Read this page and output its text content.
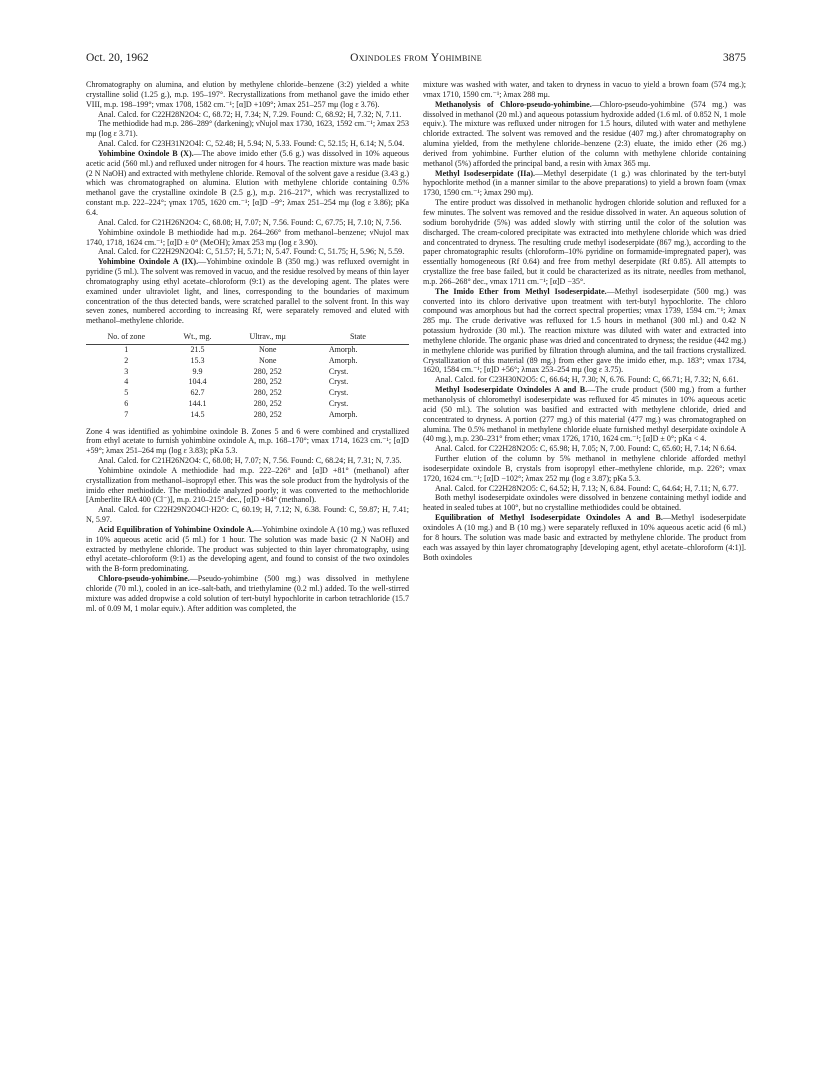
Oct. 20, 1962	Oxindoles from Yohimbine	3875

Chromatography on alumina, and elution by methylene chloride–benzene (3:2) yielded a white crystalline solid (1.25 g.), m.p. 195–197°. Recrystallizations from methanol gave the imido ether VIII, m.p. 198–199°; νmax 1708, 1582 cm.⁻¹; [α]D +109°; λmax 251–257 mμ (log ε 3.76).

Anal. Calcd. for C22H28N2O4: C, 68.72; H, 7.34; N, 7.29. Found: C, 68.92; H, 7.32; N, 7.11.

The methiodide had m.p. 286–289° (darkening); νNujol max 1730, 1623, 1592 cm.⁻¹; λmax 253 mμ (log ε 3.71).

Anal. Calcd. for C23H31N2O4I: C, 52.48; H, 5.94; N, 5.33. Found: C, 52.15; H, 6.14; N, 5.04.

Yohimbine Oxindole B (X).—The above imido ether (5.6 g.) was dissolved in 10% aqueous acetic acid (560 ml.) and refluxed under nitrogen for 4 hours. The reaction mixture was made basic (2 N NaOH) and extracted with methylene chloride. Removal of the solvent gave a residue (3.43 g.) which was chromatographed on alumina. Elution with methylene chloride containing 0.5% methanol gave the crystalline oxindole B (2.5 g.), m.p. 216–217°, which was recrystallized to constant m.p. 222–224°; γmax 1705, 1620 cm.⁻¹; [α]D −9°; λmax 251–254 mμ (log ε 3.86); pKa 6.4.

Anal. Calcd. for C21H26N2O4: C, 68.08; H, 7.07; N, 7.56. Found: C, 67.75; H, 7.10; N, 7.56.

Yohimbine oxindole B methiodide had m.p. 264–266° from methanol–benzene; νNujol max 1740, 1718, 1624 cm.⁻¹; [α]D ± 0° (MeOH); λmax 253 mμ (log ε 3.90).

Anal. Calcd. for C22H29N2O4I: C, 51.57; H, 5.71; N, 5.47. Found: C, 51.75; H, 5.96; N, 5.59.

Yohimbine Oxindole A (IX).—Yohimbine oxindole B (350 mg.) was refluxed overnight in pyridine (5 ml.). The solvent was removed in vacuo, and the residue resolved by means of thin layer chromatography using ethyl acetate–chloroform (9:1) as the developing agent. The plates were examined under ultraviolet light, and lines, corresponding to the boundaries of maximum concentration of the thus detected bands, were scratched parallel to the solvent front. In this way seven zones, numbered according to increasing Rf, were separately removed and eluted with methanol–methylene chloride.

No. of zone	Wt., mg.	Ultrav., mμ	State
1	21.5	None	Amorph.
2	15.3	None	Amorph.
3	9.9	280, 252	Cryst.
4	104.4	280, 252	Cryst.
5	62.7	280, 252	Cryst.
6	144.1	280, 252	Cryst.
7	14.5	280, 252	Amorph.

Zone 4 was identified as yohimbine oxindole B. Zones 5 and 6 were combined and crystallized from ethyl acetate to furnish yohimbine oxindole A, m.p. 168–170°; νmax 1714, 1623 cm.⁻¹; [α]D +59°; λmax 251–264 mμ (log ε 3.83); pKa 5.3.

Anal. Calcd. for C21H26N2O4: C, 68.08; H, 7.07; N, 7.56. Found: C, 68.24; H, 7.31; N, 7.35.

Yohimbine oxindole A methiodide had m.p. 222–226° and [α]D +81° (methanol) after crystallization from methanol–isopropyl ether. This was the sole product from the hydrolysis of the imido ether methiodide. The methiodide analyzed poorly; it was converted to the methochloride [Amberlite IRA 400 (Cl⁻)], m.p. 210–215° dec., [α]D +84° (methanol).

Anal. Calcd. for C22H29N2O4Cl·H2O: C, 60.19; H, 7.12; N, 6.38. Found: C, 59.87; H, 7.41; N, 5.97.

Acid Equilibration of Yohimbine Oxindole A.—Yohimbine oxindole A (10 mg.) was refluxed in 10% aqueous acetic acid (5 ml.) for 1 hour. The solution was made basic (2 N NaOH) and extracted by methylene chloride. The product was subjected to thin layer chromatography, using ethyl acetate–chloroform (9:1) as the developing agent, and found to consist of the two oxindoles with the B-form predominating.

Chloro-pseudo-yohimbine.—Pseudo-yohimbine (500 mg.) was dissolved in methylene chloride (70 ml.), cooled in an ice–salt-bath, and triethylamine (0.2 ml.) added. To the well-stirred mixture was added dropwise a cold solution of tert-butyl hypochlorite in carbon tetrachloride (15.7 ml. of 0.09 M, 1 molar equiv.). After addition was completed, the

mixture was washed with water, and taken to dryness in vacuo to yield a brown foam (574 mg.); νmax 1710, 1590 cm.⁻¹; λmax 288 mμ.

Methanolysis of Chloro-pseudo-yohimbine.—Chloro-pseudo-yohimbine (574 mg.) was dissolved in methanol (20 ml.) and aqueous potassium hydroxide added (1.6 ml. of 0.852 N, 1 mole equiv.). The mixture was refluxed under nitrogen for 1.5 hours, diluted with water and methylene chloride extracted. The solvent was removed and the residue (407 mg.) after chromatography on alumina yielded, from the methylene chloride–benzene (2:3) eluate, the imido ether (26 mg.) derived from yohimbine. Further elution of the column with methylene chloride containing methanol (5%) afforded the principal band, a resin with λmax 365 mμ.

Methyl Isodeserpidate (IIa).—Methyl deserpidate (1 g.) was chlorinated by the tert-butyl hypochlorite method (in a manner similar to the above preparations) to yield a brown foam (νmax 1730, 1590 cm.⁻¹; λmax 290 mμ).

The entire product was dissolved in methanolic hydrogen chloride solution and refluxed for a few minutes. The solvent was removed and the residue dissolved in water. An aqueous solution of sodium borohydride (5%) was added slowly with stirring until the color of the solution was discharged. The cream-colored precipitate was extracted into methylene chloride which was dried and concentrated to dryness. The resulting crude methyl isodeserpidate (867 mg.), according to the paper chromatographic results (chloroform–10% pyridine on formamide-impregnated paper), was essentially homogeneous (Rf 0.64) and free from methyl deserpidate (Rf 0.85). All attempts to crystallize the free base failed, but it could be characterized as its nitrate, needles from methanol, m.p. 266–268° dec., νmax 1711 cm.⁻¹; [α]D −35°.

The Imido Ether from Methyl Isodeserpidate.—Methyl isodeserpidate (500 mg.) was converted into its chloro derivative upon treatment with tert-butyl hypochlorite. The chloro compound was amorphous but had the correct spectral properties; νmax 1739, 1594 cm.⁻¹; λmax 285 mμ. The crude derivative was refluxed for 1.5 hours in methanol (300 ml.) and 0.42 N potassium hydroxide (30 ml.). The reaction mixture was diluted with water and extracted into methylene chloride. The organic phase was dried and concentrated to dryness; the residue (442 mg.) in methylene chloride was purified by filtration through alumina, and the tail fractions crystallized. Crystallization of this material (89 mg.) from ether gave the imido ether, m.p. 183°; νmax 1734, 1620, 1584 cm.⁻¹; [α]D +56°; λmax 253–254 mμ (log ε 3.75).

Anal. Calcd. for C23H30N2O5: C, 66.64; H, 7.30; N, 6.76. Found: C, 66.71; H, 7.32; N, 6.61.

Methyl Isodeserpidate Oxindoles A and B.—The crude product (500 mg.) from a further methanolysis of chloromethyl isodeserpidate was refluxed for 45 minutes in 10% aqueous acetic acid (50 ml.). The solution was basified and extracted with methylene chloride, dried and concentrated to dryness. A portion (277 mg.) of this material (477 mg.) was chromatographed on alumina. The 0.5% methanol in methylene chloride eluate furnished methyl deserpidate oxindole A (40 mg.), m.p. 230–231° from ether; νmax 1726, 1710, 1624 cm.⁻¹; [α]D ± 0°; pKa < 4.

Anal. Calcd. for C22H28N2O5: C, 65.98; H, 7.05; N, 7.00. Found: C, 65.60; H, 7.14; N 6.64.

Further elution of the column by 5% methanol in methylene chloride afforded methyl isodeserpidate oxindole B, crystals from isopropyl ether–methylene chloride, m.p. 226°; νmax 1720, 1624 cm.⁻¹; [α]D −102°; λmax 252 mμ (log ε 3.87); pKa 5.3.

Anal. Calcd. for C22H28N2O5: C, 64.52; H, 7.13; N, 6.84. Found: C, 64.64; H, 7.11; N, 6.77.

Both methyl isodeserpidate oxindoles were dissolved in benzene containing methyl iodide and heated in sealed tubes at 100°, but no crystalline methiodides could be obtained.

Equilibration of Methyl Isodeserpidate Oxindoles A and B.—Methyl isodeserpidate oxindoles A (10 mg.) and B (10 mg.) were separately refluxed in 10% aqueous acetic acid (6 ml.) for 8 hours. The solution was made basic and extracted by methylene chloride. The product from each was assayed by thin layer chromatography [developing agent, ethyl acetate–chloroform (4:1)]. Both oxindoles
